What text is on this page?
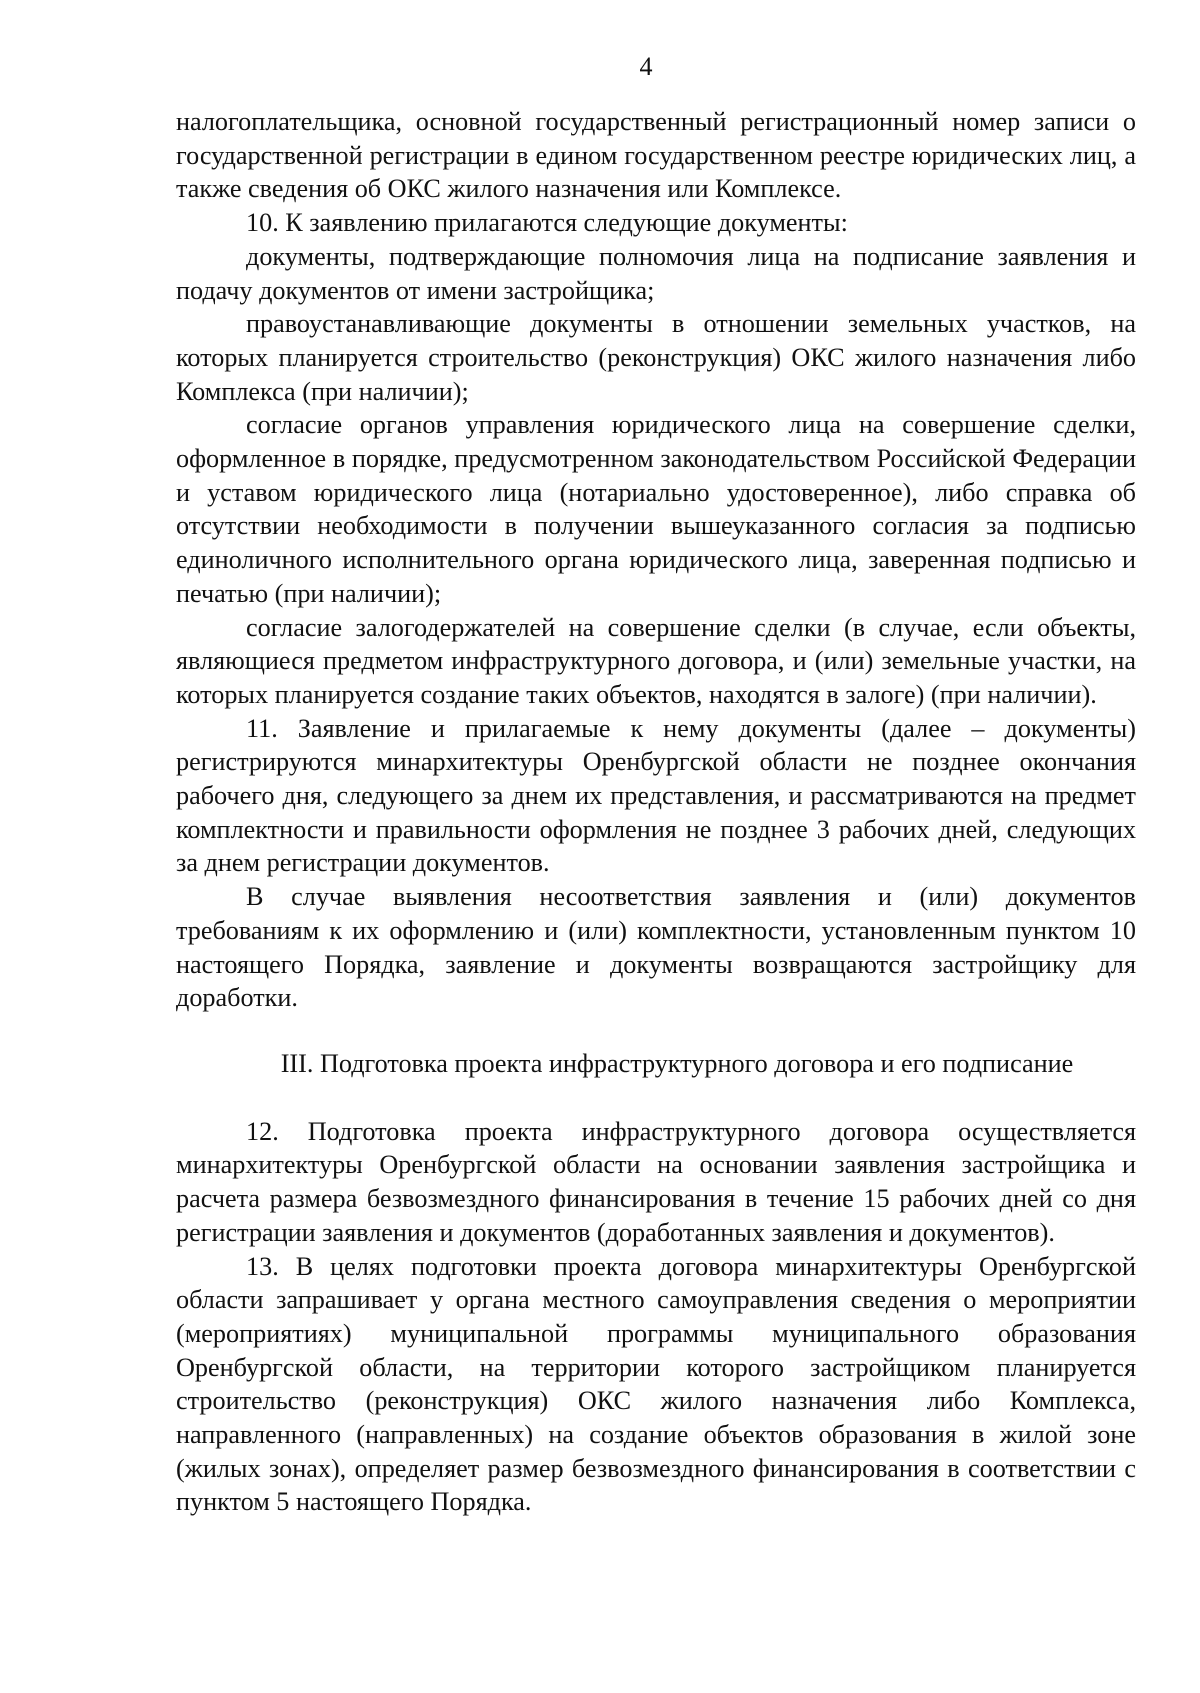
4

налогоплательщика, основной государственный регистрационный номер записи о государственной регистрации в едином государственном реестре юридических лиц, а также сведения об ОКС жилого назначения или Комплексе.

10. К заявлению прилагаются следующие документы:

документы, подтверждающие полномочия лица на подписание заявления и подачу документов от имени застройщика;

правоустанавливающие документы в отношении земельных участков, на которых планируется строительство (реконструкция) ОКС жилого назначения либо Комплекса (при наличии);

согласие органов управления юридического лица на совершение сделки, оформленное в порядке, предусмотренном законодательством Российской Федерации и уставом юридического лица (нотариально удостоверенное), либо справка об отсутствии необходимости в получении вышеуказанного согласия за подписью единоличного исполнительного органа юридического лица, заверенная подписью и печатью (при наличии);

согласие залогодержателей на совершение сделки (в случае, если объекты, являющиеся предметом инфраструктурного договора, и (или) земельные участки, на которых планируется создание таких объектов, находятся в залоге) (при наличии).

11. Заявление и прилагаемые к нему документы (далее – документы) регистрируются минархитектуры Оренбургской области не позднее окончания рабочего дня, следующего за днем их представления, и рассматриваются на предмет комплектности и правильности оформления не позднее 3 рабочих дней, следующих за днем регистрации документов.

В случае выявления несоответствия заявления и (или) документов требованиям к их оформлению и (или) комплектности, установленным пунктом 10 настоящего Порядка, заявление и документы возвращаются застройщику для доработки.

III. Подготовка проекта инфраструктурного договора и его подписание

12. Подготовка проекта инфраструктурного договора осуществляется минархитектуры Оренбургской области на основании заявления застройщика и расчета размера безвозмездного финансирования в течение 15 рабочих дней со дня регистрации заявления и документов (доработанных заявления и документов).

13. В целях подготовки проекта договора минархитектуры Оренбургской области запрашивает у органа местного самоуправления сведения о мероприятии (мероприятиях) муниципальной программы муниципального образования Оренбургской области, на территории которого застройщиком планируется строительство (реконструкция) ОКС жилого назначения либо Комплекса, направленного (направленных) на создание объектов образования в жилой зоне (жилых зонах), определяет размер безвозмездного финансирования в соответствии с пунктом 5 настоящего Порядка.
